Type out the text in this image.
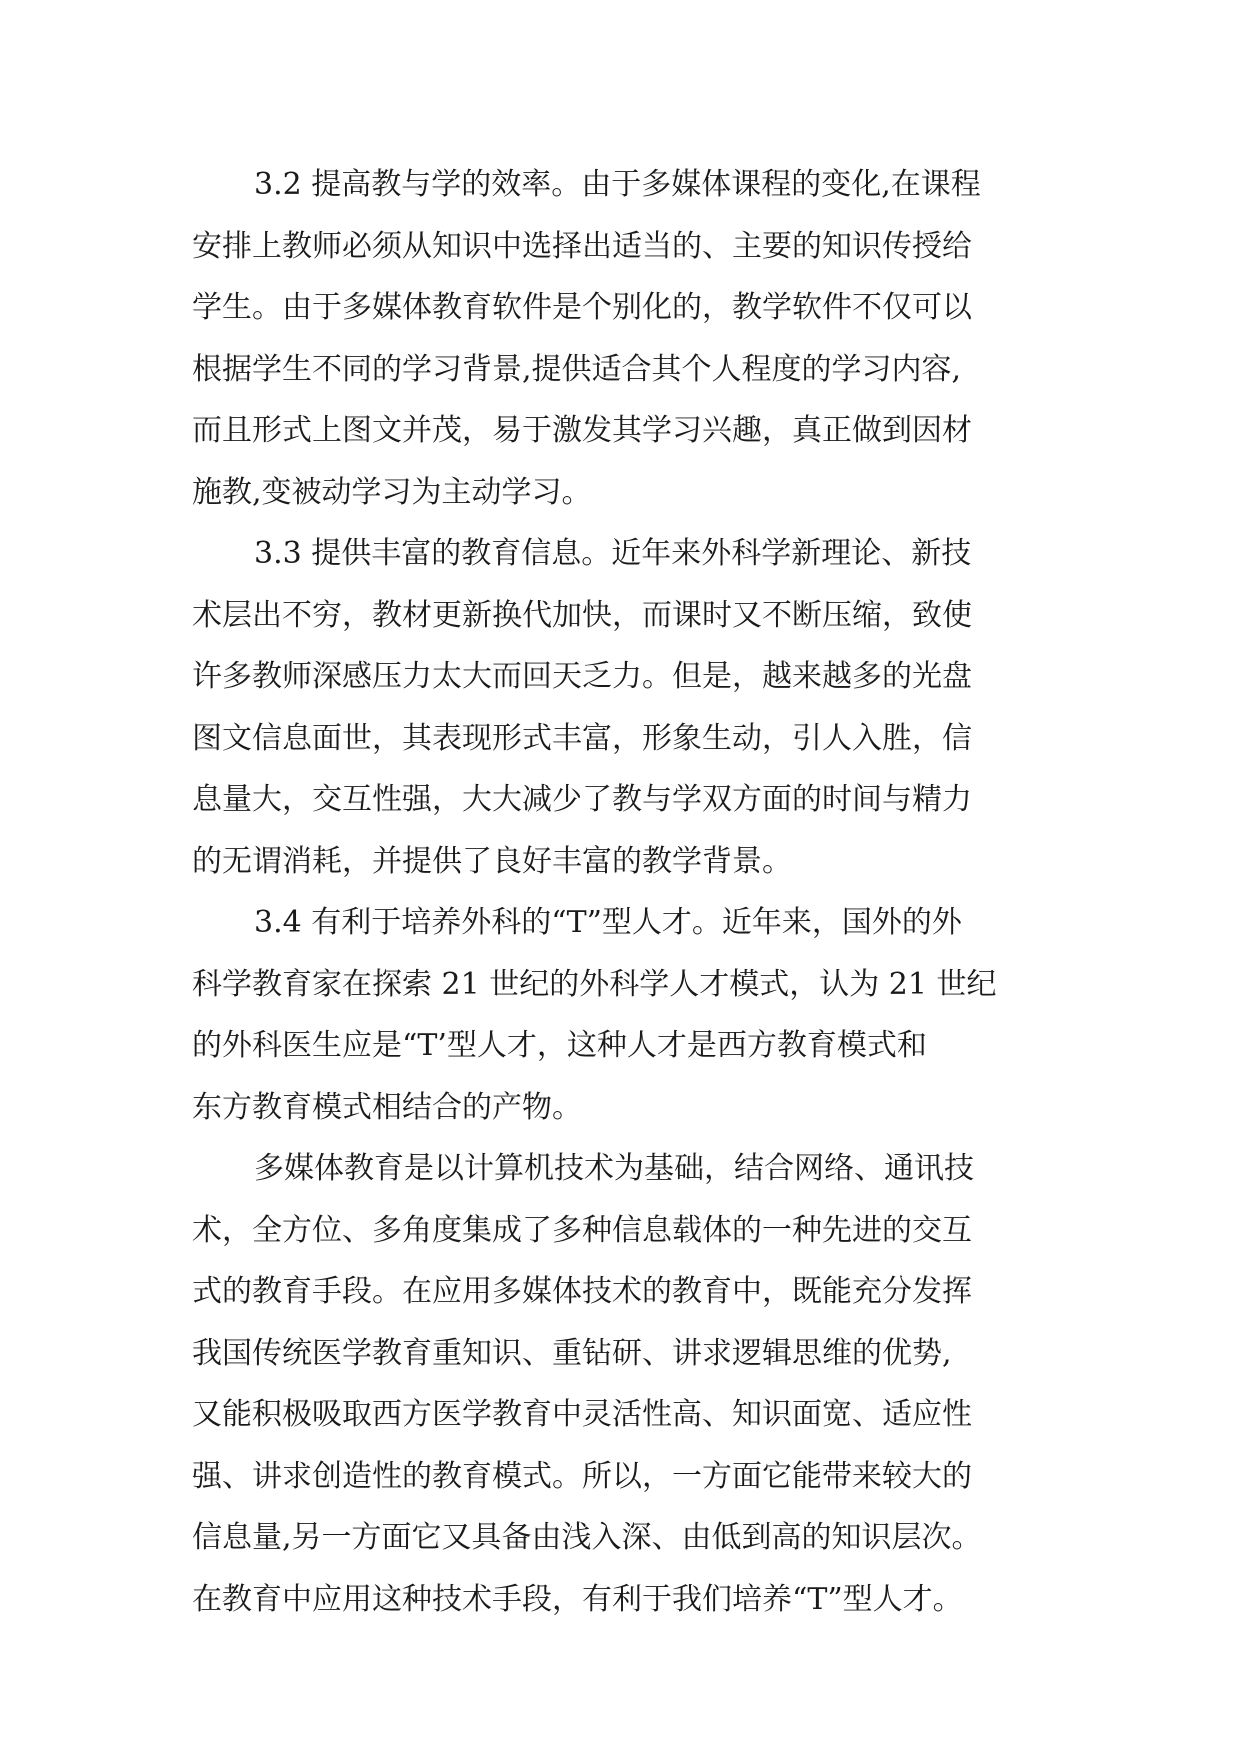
3.2 提高教与学的效率。由于多媒体课程的变化,在课程
安排上教师必须从知识中选择出适当的、主要的知识传授给
学生。由于多媒体教育软件是个别化的，教学软件不仅可以
根据学生不同的学习背景,提供适合其个人程度的学习内容,
而且形式上图文并茂，易于激发其学习兴趣，真正做到因材
施教,变被动学习为主动学习。
3.3 提供丰富的教育信息。近年来外科学新理论、新技
术层出不穷，教材更新换代加快，而课时又不断压缩，致使
许多教师深感压力太大而回天乏力。但是，越来越多的光盘
图文信息面世，其表现形式丰富，形象生动，引人入胜，信
息量大，交互性强，大大减少了教与学双方面的时间与精力
的无谓消耗，并提供了良好丰富的教学背景。
3.4 有利于培养外科的“T”型人才。近年来，国外的外
科学教育家在探索 21 世纪的外科学人才模式，认为 21 世纪
的外科医生应是“T’型人才，这种人才是西方教育模式和
东方教育模式相结合的产物。
多媒体教育是以计算机技术为基础，结合网络、通讯技
术，全方位、多角度集成了多种信息载体的一种先进的交互
式的教育手段。在应用多媒体技术的教育中，既能充分发挥
我国传统医学教育重知识、重钻研、讲求逻辑思维的优势,
又能积极吸取西方医学教育中灵活性高、知识面宽、适应性
强、讲求创造性的教育模式。所以，一方面它能带来较大的
信息量,另一方面它又具备由浅入深、由低到高的知识层次。
在教育中应用这种技术手段，有利于我们培养“T”型人才。
